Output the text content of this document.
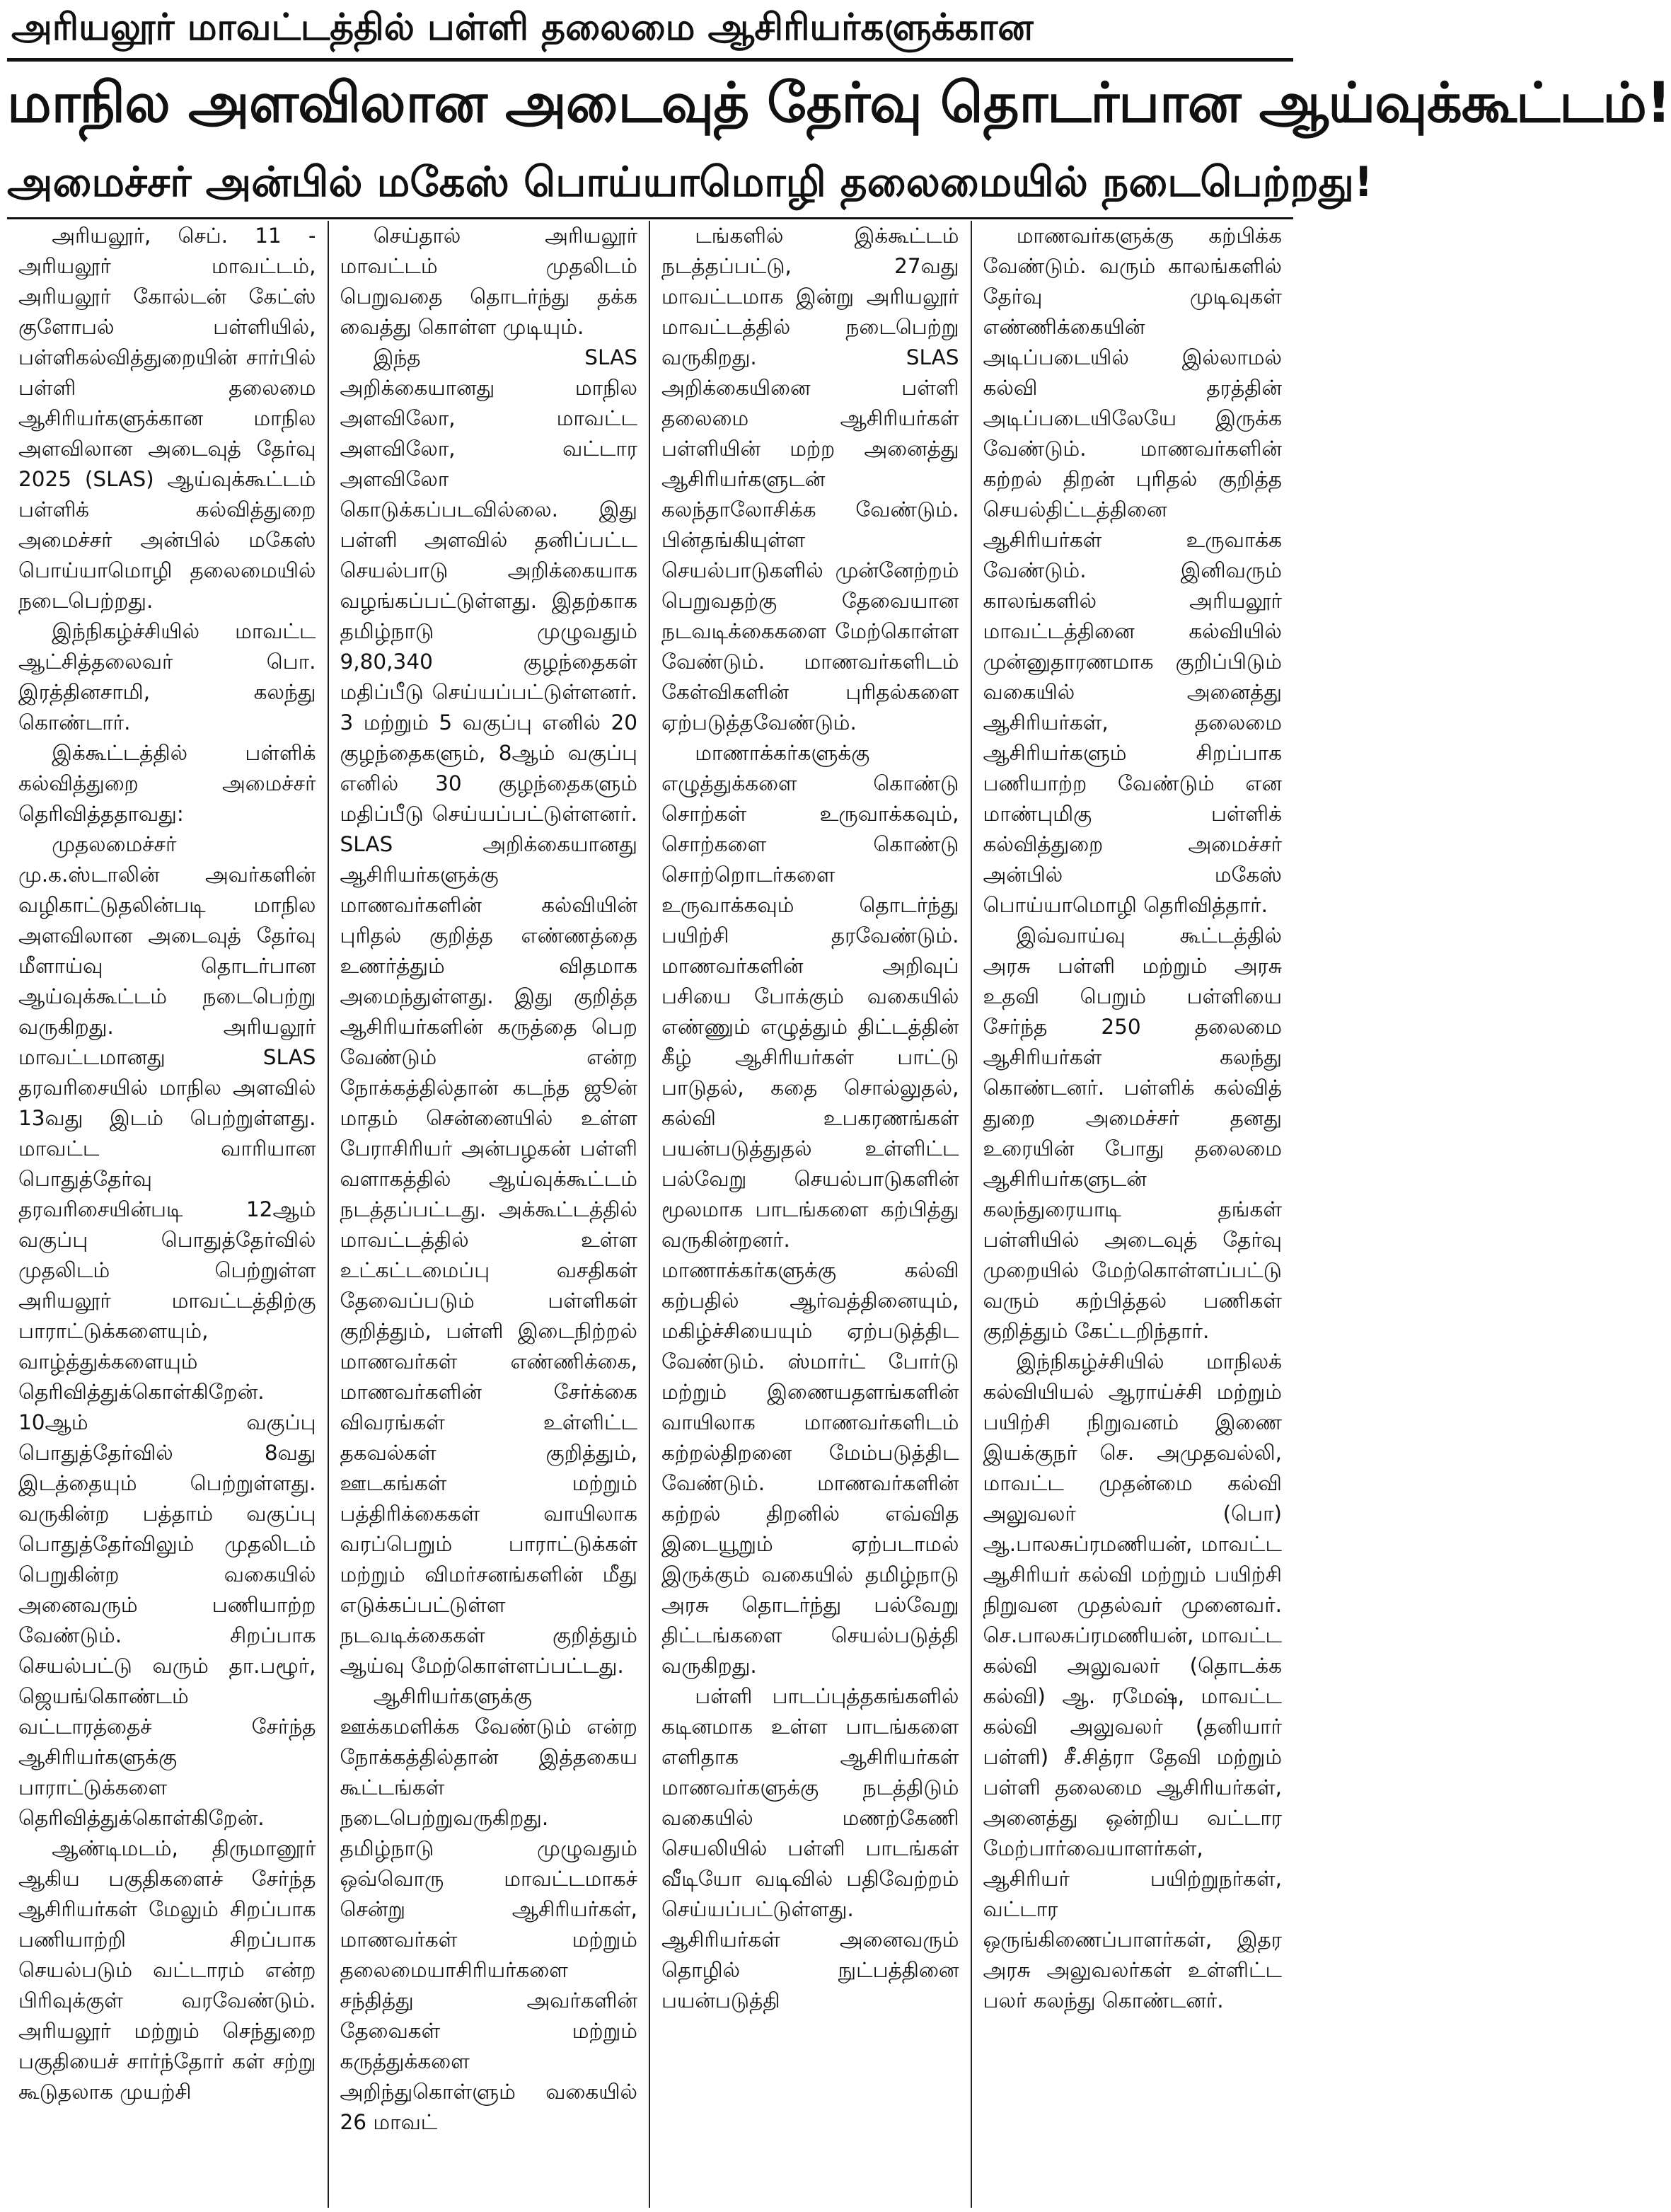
அரியலூர் மாவட்டத்தில் பள்ளி தலைமை ஆசிரியர்களுக்கான
மாநில அளவிலான அடைவுத் தேர்வு தொடர்பான ஆய்வுக்கூட்டம்!
அமைச்சர் அன்பில் மகேஸ் பொய்யாமொழி தலைமையில் நடைபெற்றது!

அரியலூர், செப். 11 - அரியலூர் மாவட்டம், அரியலூர் கோல்டன் கேட்ஸ் குளோபல் பள்ளியில், பள்ளிகல்வித்துறையின் சார்பில் பள்ளி தலைமை ஆசிரியர்களுக்கான மாநில அளவிலான அடைவுத் தேர்வு 2025 (SLAS) ஆய்வுக்கூட்டம் பள்ளிக் கல்வித்துறை அமைச்சர் அன்பில் மகேஸ் பொய்யாமொழி தலைமையில் நடைபெற்றது.

இந்நிகழ்ச்சியில் மாவட்ட ஆட்சித்தலைவர் பொ. இரத்தினசாமி, கலந்து கொண்டார்.

இக்கூட்டத்தில் பள்ளிக் கல்வித்துறை அமைச்சர் தெரிவித்ததாவது:

முதலமைச்சர் மு.க.ஸ்டாலின் அவர்களின் வழிகாட்டுதலின்படி மாநில அளவிலான அடைவுத் தேர்வு மீளாய்வு தொடர்பான ஆய்வுக்கூட்டம் நடைபெற்று வருகிறது. அரியலூர் மாவட்டமானது SLAS தரவரிசையில் மாநில அளவில் 13வது இடம் பெற்றுள்ளது. மாவட்ட வாரியான பொதுத்தேர்வு தரவரிசையின்படி 12ஆம் வகுப்பு பொதுத்தேர்வில் முதலிடம் பெற்றுள்ள அரியலூர் மாவட்டத்திற்கு பாராட்டுக்களையும், வாழ்த்துக்களையும் தெரிவித்துக்கொள்கிறேன். 10ஆம் வகுப்பு பொதுத்தேர்வில் 8வது இடத்தையும் பெற்றுள்ளது. வருகின்ற பத்தாம் வகுப்பு பொதுத்தேர்விலும் முதலிடம் பெறுகின்ற வகையில் அனைவரும் பணியாற்ற வேண்டும். சிறப்பாக செயல்பட்டு வரும் தா.பழூர், ஜெயங்கொண்டம் வட்டாரத்தைச் சேர்ந்த ஆசிரியர்களுக்கு பாராட்டுக்களை தெரிவித்துக்கொள்கிறேன்.

ஆண்டிமடம், திருமானூர் ஆகிய பகுதிகளைச் சேர்ந்த ஆசிரியர்கள் மேலும் சிறப்பாக பணியாற்றி சிறப்பாக செயல்படும் வட்டாரம் என்ற பிரிவுக்குள் வரவேண்டும். அரியலூர் மற்றும் செந்துறை பகுதியைச் சார்ந்தோர் கள் சற்று கூடுதலாக முயற்சி

செய்தால் அரியலூர் மாவட்டம் முதலிடம் பெறுவதை தொடர்ந்து தக்க வைத்து கொள்ள முடியும்.

இந்த SLAS அறிக்கையானது மாநில அளவிலோ, மாவட்ட அளவிலோ, வட்டார அளவிலோ கொடுக்கப்படவில்லை. இது பள்ளி அளவில் தனிப்பட்ட செயல்பாடு அறிக்கையாக வழங்கப்பட்டுள்ளது. இதற்காக தமிழ்நாடு முழுவதும் 9,80,340 குழந்தைகள் மதிப்பீடு செய்யப்பட்டுள்ளனர். 3 மற்றும் 5 வகுப்பு எனில் 20 குழந்தைகளும், 8ஆம் வகுப்பு எனில் 30 குழந்தைகளும் மதிப்பீடு செய்யப்பட்டுள்ளனர். SLAS அறிக்கையானது ஆசிரியர்களுக்கு மாணவர்களின் கல்வியின் புரிதல் குறித்த எண்ணத்தை உணர்த்தும் விதமாக அமைந்துள்ளது. இது குறித்த ஆசிரியர்களின் கருத்தை பெற வேண்டும் என்ற நோக்கத்தில்தான் கடந்த ஜூன் மாதம் சென்னையில் உள்ள பேராசிரியர் அன்பழகன் பள்ளி வளாகத்தில் ஆய்வுக்கூட்டம் நடத்தப்பட்டது. அக்கூட்டத்தில் மாவட்டத்தில் உள்ள உட்கட்டமைப்பு வசதிகள் தேவைப்படும் பள்ளிகள் குறித்தும், பள்ளி இடைநிற்றல் மாணவர்கள் எண்ணிக்கை, மாணவர்களின் சேர்க்கை விவரங்கள் உள்ளிட்ட தகவல்கள் குறித்தும், ஊடகங்கள் மற்றும் பத்திரிக்கைகள் வாயிலாக வரப்பெறும் பாராட்டுக்கள் மற்றும் விமர்சனங்களின் மீது எடுக்கப்பட்டுள்ள நடவடிக்கைகள் குறித்தும் ஆய்வு மேற்கொள்ளப்பட்டது.

ஆசிரியர்களுக்கு ஊக்கமளிக்க வேண்டும் என்ற நோக்கத்தில்தான் இத்தகைய கூட்டங்கள் நடைபெற்றுவருகிறது. தமிழ்நாடு முழுவதும் ஒவ்வொரு மாவட்டமாகச் சென்று ஆசிரியர்கள், மாணவர்கள் மற்றும் தலைமையாசிரியர்களை சந்தித்து அவர்களின் தேவைகள் மற்றும் கருத்துக்களை அறிந்துகொள்ளும் வகையில் 26 மாவட்

டங்களில் இக்கூட்டம் நடத்தப்பட்டு, 27வது மாவட்டமாக இன்று அரியலூர் மாவட்டத்தில் நடைபெற்று வருகிறது. SLAS அறிக்கையினை பள்ளி தலைமை ஆசிரியர்கள் பள்ளியின் மற்ற அனைத்து ஆசிரியர்களுடன் கலந்தாலோசிக்க வேண்டும். பின்தங்கியுள்ள செயல்பாடுகளில் முன்னேற்றம் பெறுவதற்கு தேவையான நடவடிக்கைகளை மேற்கொள்ள வேண்டும். மாணவர்களிடம் கேள்விகளின் புரிதல்களை ஏற்படுத்தவேண்டும்.

மாணாக்கர்களுக்கு எழுத்துக்களை கொண்டு சொற்கள் உருவாக்கவும், சொற்களை கொண்டு சொற்றொடர்களை உருவாக்கவும் தொடர்ந்து பயிற்சி தரவேண்டும். மாணவர்களின் அறிவுப் பசியை போக்கும் வகையில் எண்ணும் எழுத்தும் திட்டத்தின் கீழ் ஆசிரியர்கள் பாட்டு பாடுதல், கதை சொல்லுதல், கல்வி உபகரணங்கள் பயன்படுத்துதல் உள்ளிட்ட பல்வேறு செயல்பாடுகளின் மூலமாக பாடங்களை கற்பித்து வருகின்றனர். மாணாக்கர்களுக்கு கல்வி கற்பதில் ஆர்வத்தினையும், மகிழ்ச்சியையும் ஏற்படுத்திட வேண்டும். ஸ்மார்ட் போர்டு மற்றும் இணையதளங்களின் வாயிலாக மாணவர்களிடம் கற்றல்திறனை மேம்படுத்திட வேண்டும். மாணவர்களின் கற்றல் திறனில் எவ்வித இடையூறும் ஏற்படாமல் இருக்கும் வகையில் தமிழ்நாடு அரசு தொடர்ந்து பல்வேறு திட்டங்களை செயல்படுத்தி வருகிறது.

பள்ளி பாடப்புத்தகங்களில் கடினமாக உள்ள பாடங்களை எளிதாக ஆசிரியர்கள் மாணவர்களுக்கு நடத்திடும் வகையில் மணற்கேணி செயலியில் பள்ளி பாடங்கள் வீடியோ வடிவில் பதிவேற்றம் செய்யப்பட்டுள்ளது. ஆசிரியர்கள் அனைவரும் தொழில் நுட்பத்தினை பயன்படுத்தி

மாணவர்களுக்கு கற்பிக்க வேண்டும். வரும் காலங்களில் தேர்வு முடிவுகள் எண்ணிக்கையின் அடிப்படையில் இல்லாமல் கல்வி தரத்தின் அடிப்படையிலேயே இருக்க வேண்டும். மாணவர்களின் கற்றல் திறன் புரிதல் குறித்த செயல்திட்டத்தினை ஆசிரியர்கள் உருவாக்க வேண்டும். இனிவரும் காலங்களில் அரியலூர் மாவட்டத்தினை கல்வியில் முன்னுதாரணமாக குறிப்பிடும் வகையில் அனைத்து ஆசிரியர்கள், தலைமை ஆசிரியர்களும் சிறப்பாக பணியாற்ற வேண்டும் என மாண்புமிகு பள்ளிக் கல்வித்துறை அமைச்சர் அன்பில் மகேஸ் பொய்யாமொழி தெரிவித்தார்.

இவ்வாய்வு கூட்டத்தில் அரசு பள்ளி மற்றும் அரசு உதவி பெறும் பள்ளியை சேர்ந்த 250 தலைமை ஆசிரியர்கள் கலந்து கொண்டனர். பள்ளிக் கல்வித் துறை அமைச்சர் தனது உரையின் போது தலைமை ஆசிரியர்களுடன் கலந்துரையாடி தங்கள் பள்ளியில் அடைவுத் தேர்வு முறையில் மேற்கொள்ளப்பட்டு வரும் கற்பித்தல் பணிகள் குறித்தும் கேட்டறிந்தார்.

இந்நிகழ்ச்சியில் மாநிலக் கல்வியியல் ஆராய்ச்சி மற்றும் பயிற்சி நிறுவனம் இணை இயக்குநர் செ. அமுதவல்லி, மாவட்ட முதன்மை கல்வி அலுவலர் (பொ) ஆ.பாலசுப்ரமணியன், மாவட்ட ஆசிரியர் கல்வி மற்றும் பயிற்சி நிறுவன முதல்வர் முனைவர். செ.பாலசுப்ரமணியன், மாவட்ட கல்வி அலுவலர் (தொடக்க கல்வி) ஆ. ரமேஷ், மாவட்ட கல்வி அலுவலர் (தனியார் பள்ளி) சீ.சித்ரா தேவி மற்றும் பள்ளி தலைமை ஆசிரியர்கள், அனைத்து ஒன்றிய வட்டார மேற்பார்வையாளர்கள், ஆசிரியர் பயிற்றுநர்கள், வட்டார ஒருங்கிணைப்பாளர்கள், இதர அரசு அலுவலர்கள் உள்ளிட்ட பலர் கலந்து கொண்டனர்.
